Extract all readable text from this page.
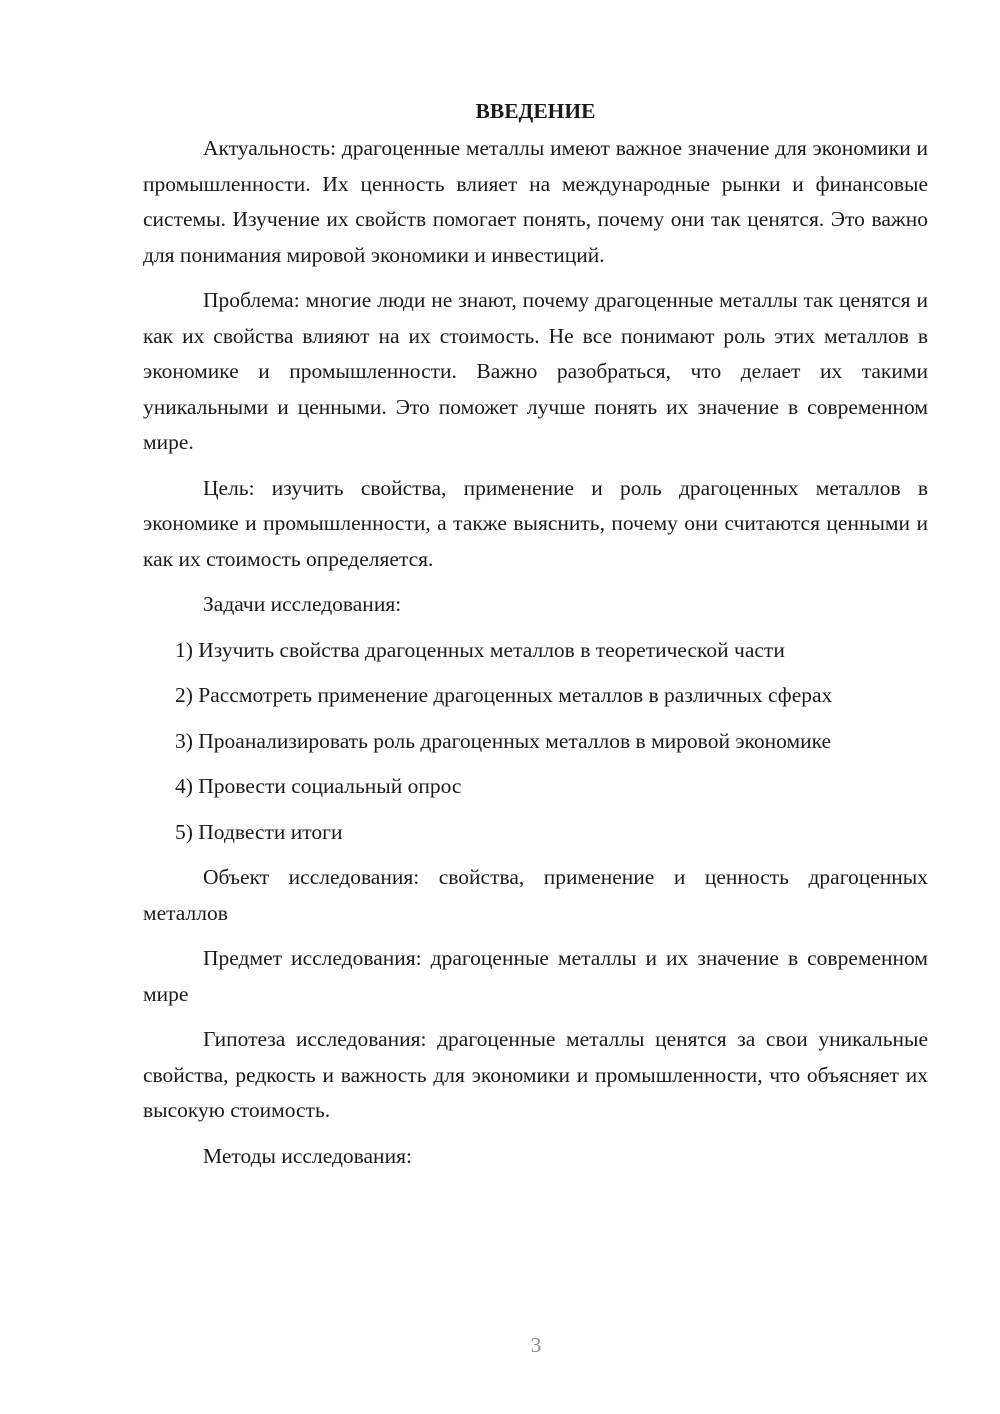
ВВЕДЕНИЕ

Актуальность: драгоценные металлы имеют важное значение для экономики и промышленности. Их ценность влияет на международные рынки и финансовые системы. Изучение их свойств помогает понять, почему они так ценятся. Это важно для понимания мировой экономики и инвестиций.

Проблема: многие люди не знают, почему драгоценные металлы так ценятся и как их свойства влияют на их стоимость. Не все понимают роль этих металлов в экономике и промышленности. Важно разобраться, что делает их такими уникальными и ценными. Это поможет лучше понять их значение в современном мире.

Цель: изучить свойства, применение и роль драгоценных металлов в экономике и промышленности, а также выяснить, почему они считаются ценными и как их стоимость определяется.

Задачи исследования:

1) Изучить свойства драгоценных металлов в теоретической части

2) Рассмотреть применение драгоценных металлов в различных сферах

3) Проанализировать роль драгоценных металлов в мировой экономике

4) Провести социальный опрос

5) Подвести итоги

Объект исследования: свойства, применение и ценность драгоценных металлов

Предмет исследования: драгоценные металлы и их значение в современном мире

Гипотеза исследования: драгоценные металлы ценятся за свои уникальные свойства, редкость и важность для экономики и промышленности, что объясняет их высокую стоимость.

Методы исследования:

3
